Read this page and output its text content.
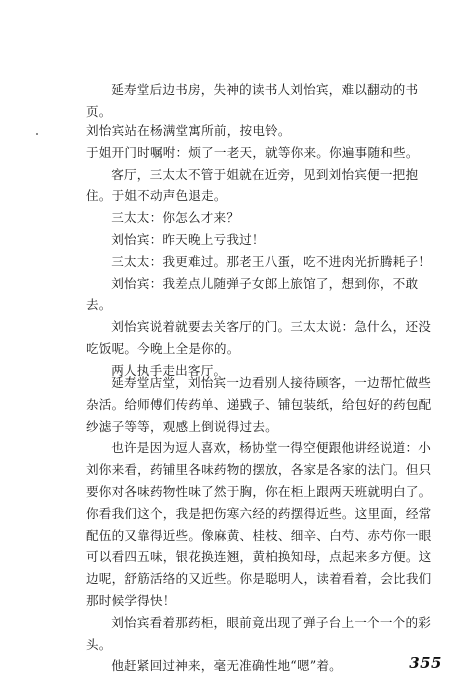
延寿堂后边书房，失神的读书人刘怡宾，难以翻动的书页。

刘怡宾站在杨满堂寓所前，按电铃。

于姐开门时嘱咐：烦了一老天，就等你来。你遍事随和些。

客厅，三太太不管于姐就在近旁，见到刘怡宾便一把抱住。于姐不动声色退走。

三太太：你怎么才来？

刘怡宾：昨天晚上亏我过！

三太太：我更难过。那老王八蛋，吃不进肉光折腾耗子！

刘怡宾：我差点儿随弹子女郎上旅馆了，想到你，不敢去。

刘怡宾说着就要去关客厅的门。三太太说：急什么，还没吃饭呢。今晚上全是你的。

两人执手走出客厅。

延寿堂店堂，刘怡宾一边看别人接待顾客，一边帮忙做些杂活。给师傅们传药单、递戥子、铺包装纸，给包好的药包配纱滤子等等，观感上倒说得过去。

也许是因为逗人喜欢，杨协堂一得空便跟他讲经说道：小刘你来看，药铺里各味药物的摆放，各家是各家的法门。但只要你对各味药物性味了然于胸，你在柜上跟两天班就明白了。你看我们这个，我是把伤寒六经的药摆得近些。这里面，经常配伍的又靠得近些。像麻黄、桂枝、细辛、白芍、赤芍你一眼可以看四五味，银花换连翘，黄柏换知母，点起来多方便。这边呢，舒筋活络的又近些。你是聪明人，读着看着，会比我们那时候学得快！

刘怡宾看着那药柜，眼前竟出现了弹子台上一个一个的彩头。

他赶紧回过神来，毫无准确性地“嗯”着。	355
